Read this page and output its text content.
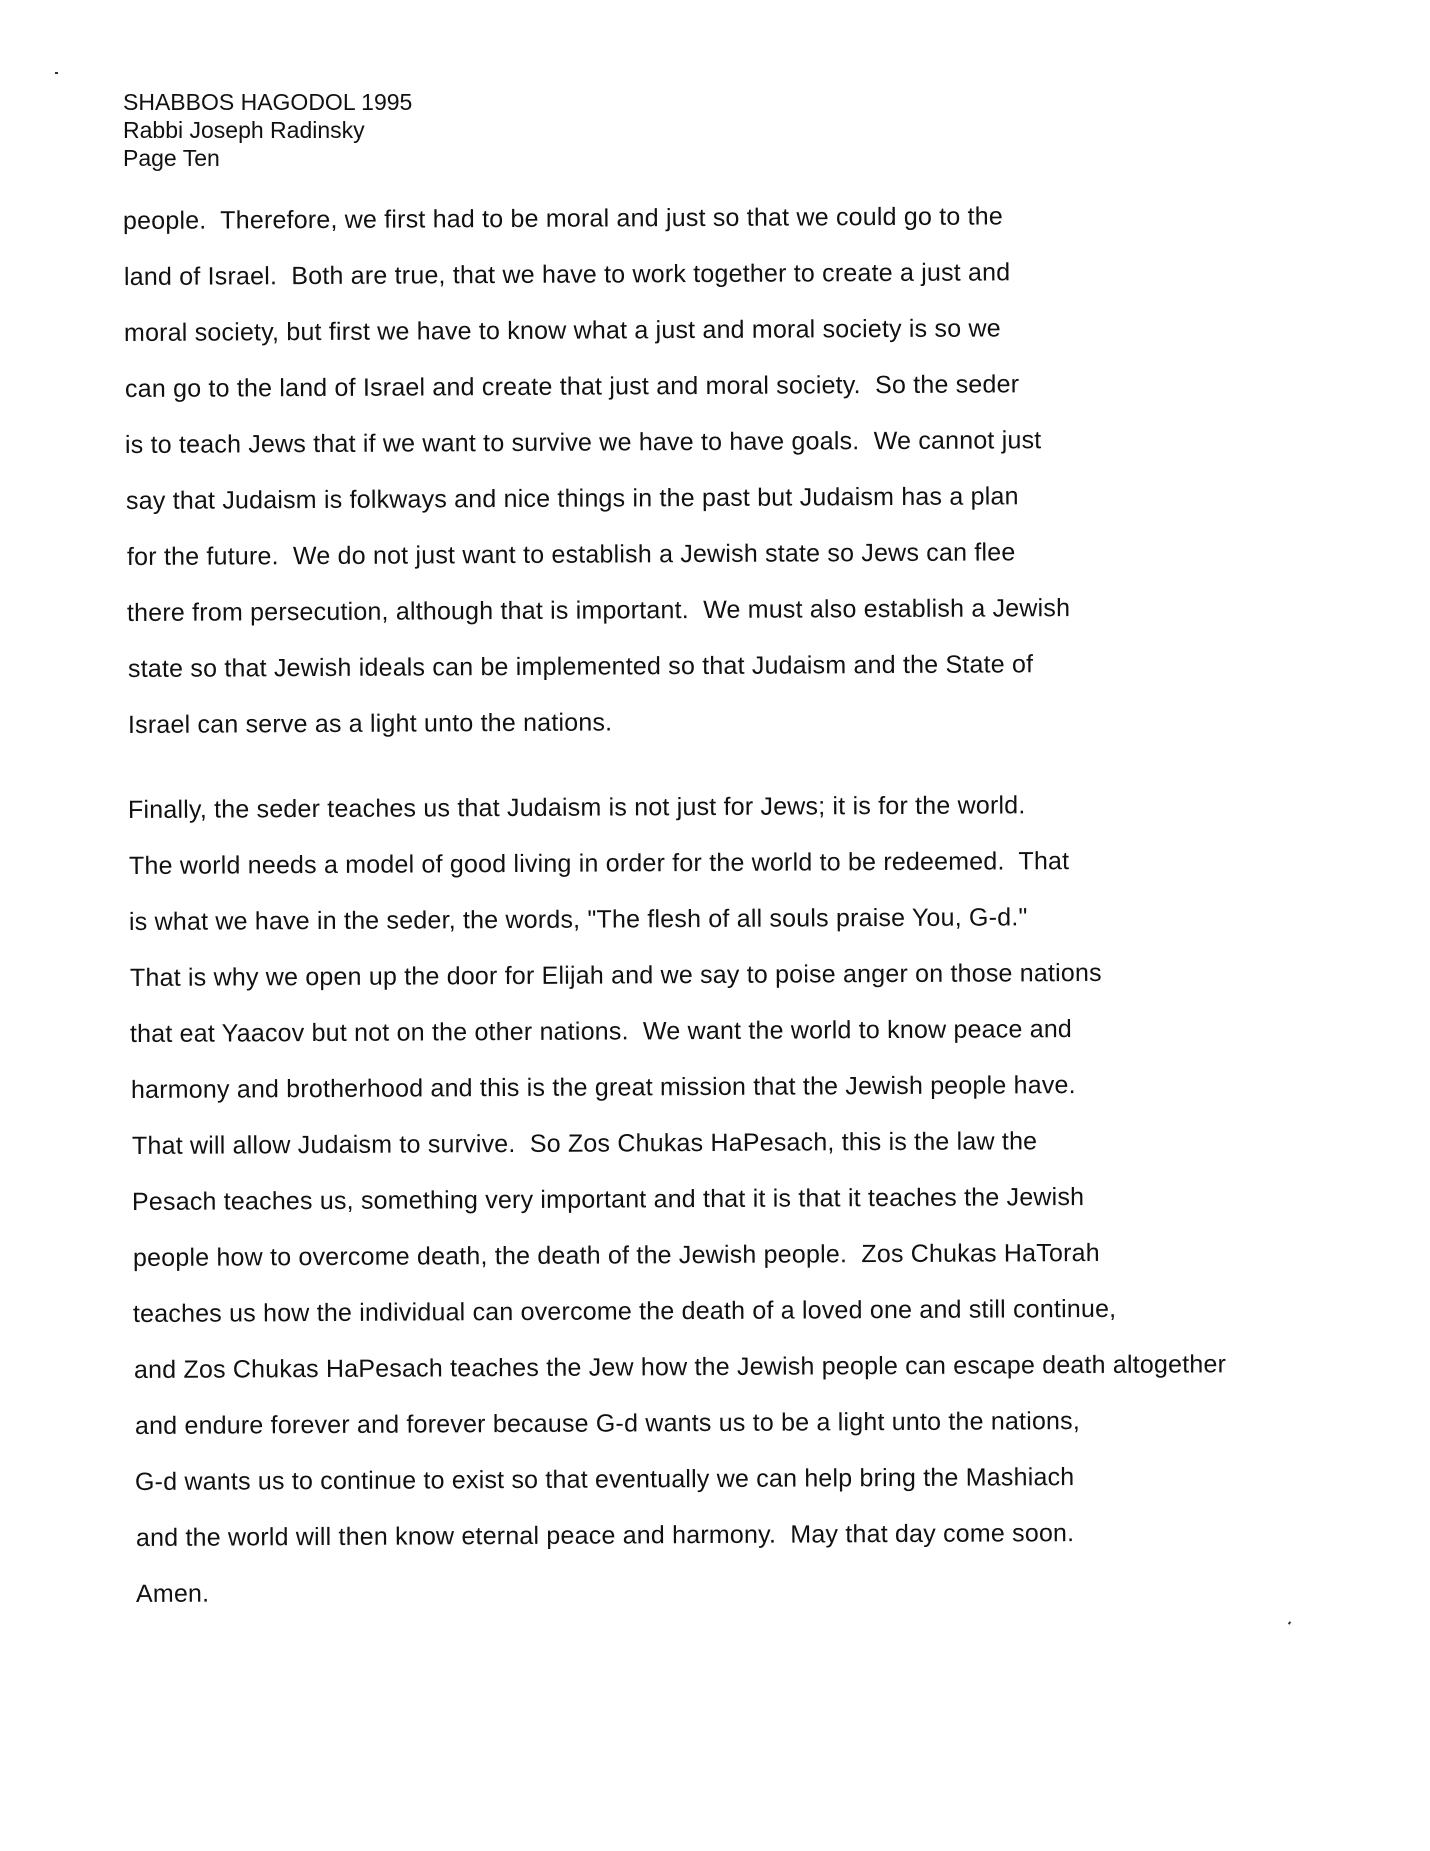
SHABBOS HAGODOL 1995
Rabbi Joseph Radinsky
Page Ten
people.  Therefore, we first had to be moral and just so that we could go to the
land of Israel.  Both are true, that we have to work together to create a just and
moral society, but first we have to know what a just and moral society is so we
can go to the land of Israel and create that just and moral society.  So the seder
is to teach Jews that if we want to survive we have to have goals.  We cannot just
say that Judaism is folkways and nice things in the past but Judaism has a plan
for the future.  We do not just want to establish a Jewish state so Jews can flee
there from persecution, although that is important.  We must also establish a Jewish
state so that Jewish ideals can be implemented so that Judaism and the State of
Israel can serve as a light unto the nations.
Finally, the seder teaches us that Judaism is not just for Jews; it is for the world.
The world needs a model of good living in order for the world to be redeemed.  That
is what we have in the seder, the words, "The flesh of all souls praise You, G-d."
That is why we open up the door for Elijah and we say to poise anger on those nations
that eat Yaacov but not on the other nations.  We want the world to know peace and
harmony and brotherhood and this is the great mission that the Jewish people have.
That will allow Judaism to survive.  So Zos Chukas HaPesach, this is the law the
Pesach teaches us, something very important and that it is that it teaches the Jewish
people how to overcome death, the death of the Jewish people.  Zos Chukas HaTorah
teaches us how the individual can overcome the death of a loved one and still continue,
and Zos Chukas HaPesach teaches the Jew how the Jewish people can escape death altogether
and endure forever and forever because G-d wants us to be a light unto the nations,
G-d wants us to continue to exist so that eventually we can help bring the Mashiach
and the world will then know eternal peace and harmony.  May that day come soon.
Amen.
